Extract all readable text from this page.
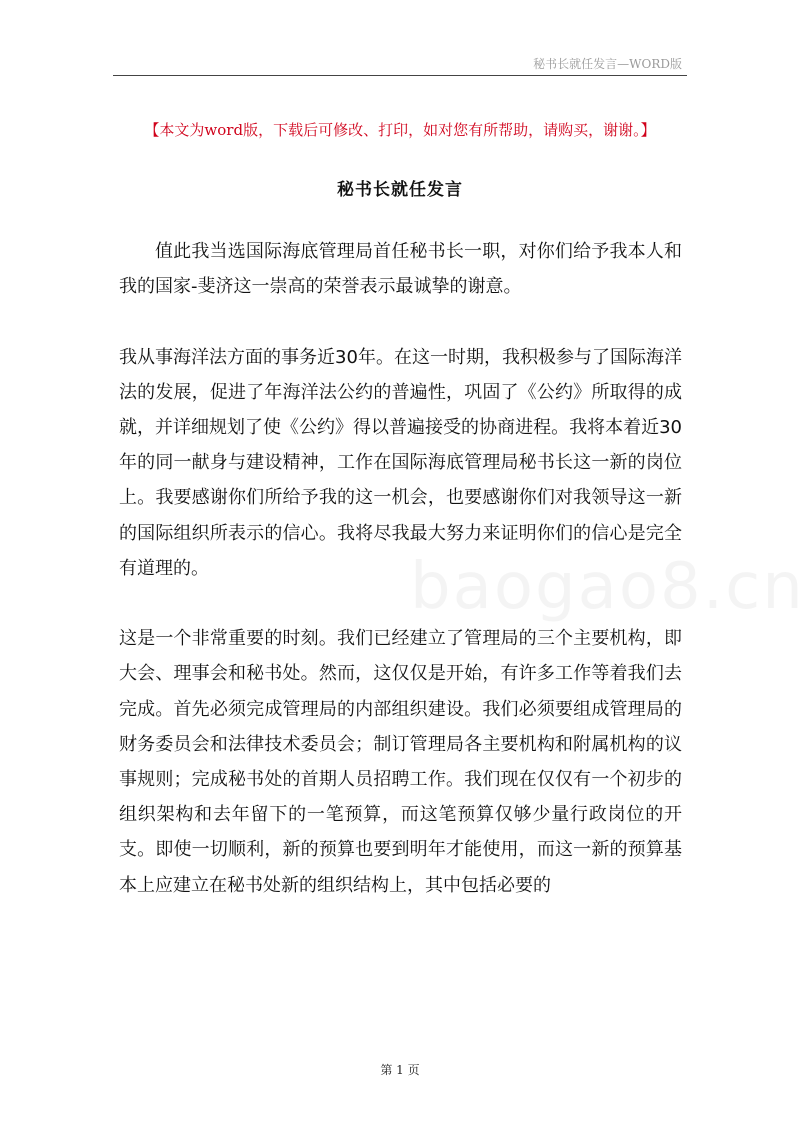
秘书长就任发言—WORD版
【本文为word版，下载后可修改、打印，如对您有所帮助，请购买，谢谢。】
秘书长就任发言

值此我当选国际海底管理局首任秘书长一职，对你们给予我本人和我的国家-斐济这一崇高的荣誉表示最诚挚的谢意。

我从事海洋法方面的事务近30年。在这一时期，我积极参与了国际海洋法的发展，促进了年海洋法公约的普遍性，巩固了《公约》所取得的成就，并详细规划了使《公约》得以普遍接受的协商进程。我将本着近30年的同一献身与建设精神，工作在国际海底管理局秘书长这一新的岗位上。我要感谢你们所给予我的这一机会，也要感谢你们对我领导这一新的国际组织所表示的信心。我将尽我最大努力来证明你们的信心是完全有道理的。

这是一个非常重要的时刻。我们已经建立了管理局的三个主要机构，即大会、理事会和秘书处。然而，这仅仅是开始，有许多工作等着我们去完成。首先必须完成管理局的内部组织建设。我们必须要组成管理局的财务委员会和法律技术委员会；制订管理局各主要机构和附属机构的议事规则；完成秘书处的首期人员招聘工作。我们现在仅仅有一个初步的组织架构和去年留下的一笔预算，而这笔预算仅够少量行政岗位的开支。即使一切顺利，新的预算也要到明年才能使用，而这一新的预算基本上应建立在秘书处新的组织结构上，其中包括必要的

第 1 页
